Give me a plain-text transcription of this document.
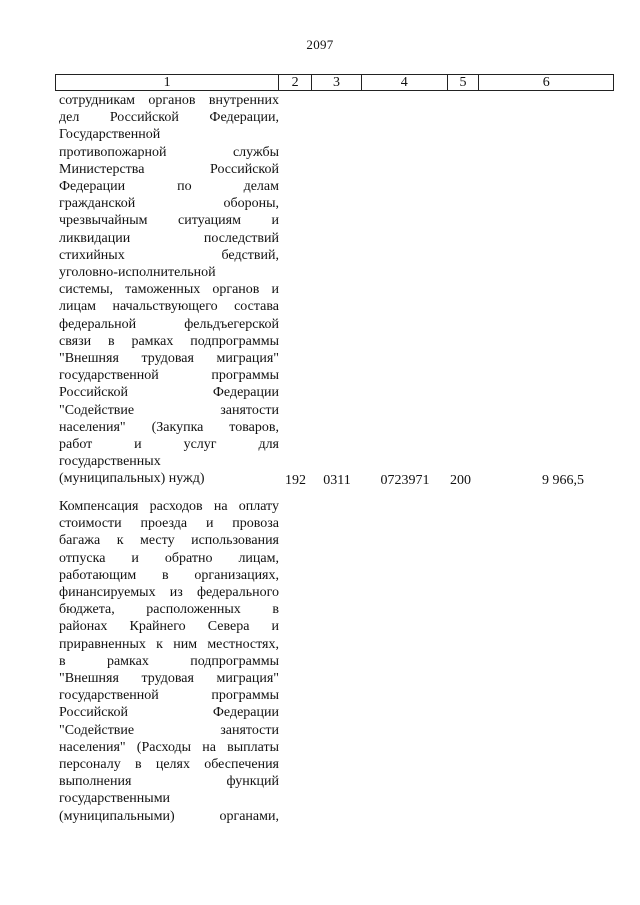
2097
1	2	3	4	5	6
сотрудникам органов внутренних
дел Российской Федерации,
Государственной
противопожарной службы
Министерства Российской
Федерации по делам
гражданской обороны,
чрезвычайным ситуациям и
ликвидации последствий
стихийных бедствий,
уголовно-исполнительной
системы, таможенных органов и
лицам начальствующего состава
федеральной фельдъегерской
связи в рамках подпрограммы
"Внешняя трудовая миграция"
государственной программы
Российской Федерации
"Содействие занятости
населения" (Закупка товаров,
работ и услуг для
государственных
(муниципальных) нужд)	192	0311	0723971	200	9 966,5
Компенсация расходов на оплату
стоимости проезда и провоза
багажа к месту использования
отпуска и обратно лицам,
работающим в организациях,
финансируемых из федерального
бюджета, расположенных в
районах Крайнего Севера и
приравненных к ним местностях,
в рамках подпрограммы
"Внешняя трудовая миграция"
государственной программы
Российской Федерации
"Содействие занятости
населения" (Расходы на выплаты
персоналу в целях обеспечения
выполнения функций
государственными
(муниципальными) органами,
